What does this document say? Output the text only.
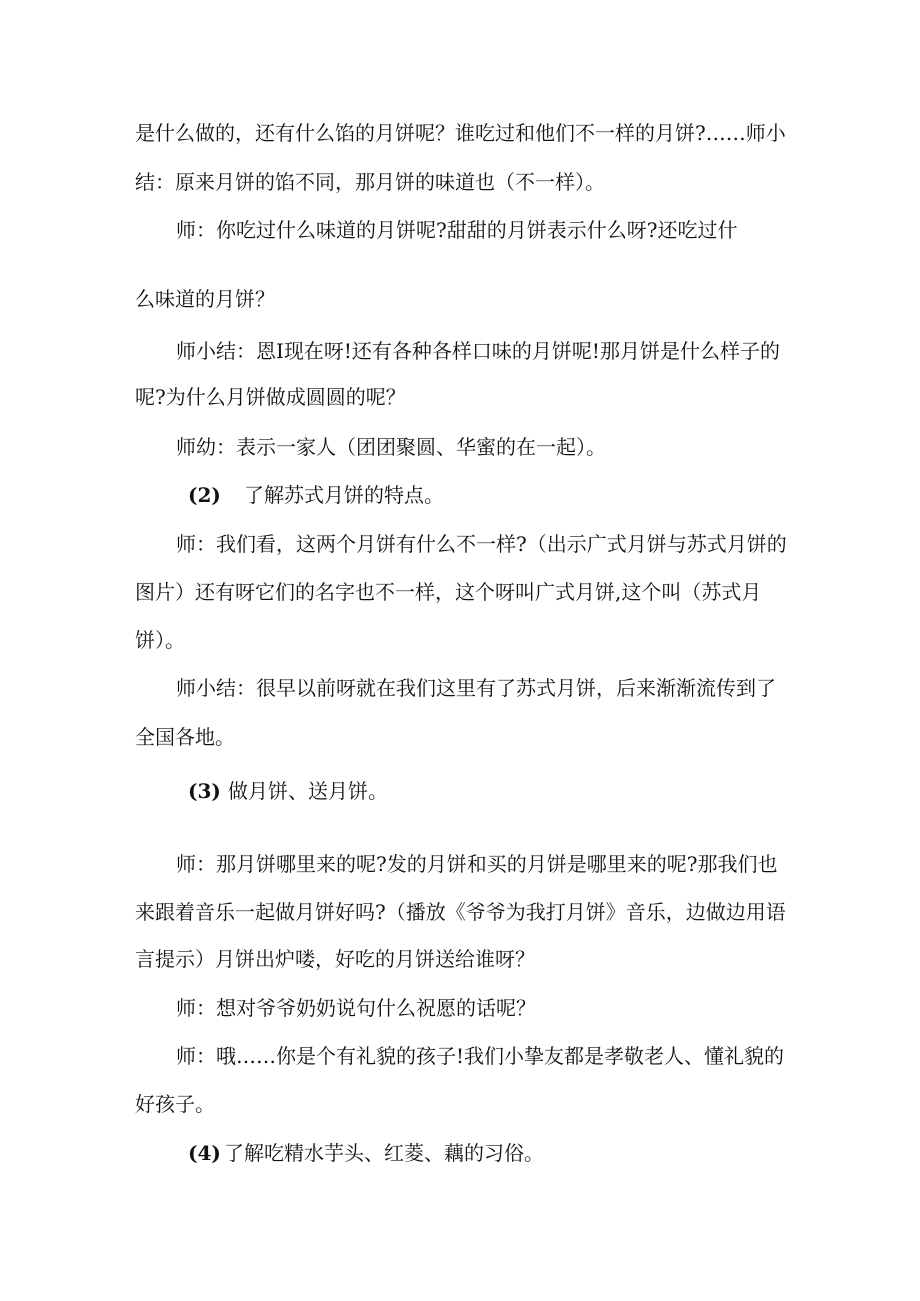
是什么做的，还有什么馅的月饼呢？谁吃过和他们不一样的月饼?……师小
结：原来月饼的馅不同，那月饼的味道也（不一样）。
师：你吃过什么味道的月饼呢?甜甜的月饼表示什么呀?还吃过什
么味道的月饼？
师小结：恩I现在呀!还有各种各样口味的月饼呢!那月饼是什么样子的
呢?为什么月饼做成圆圆的呢？
师幼：表示一家人（团团聚圆、华蜜的在一起）。
(2) 了解苏式月饼的特点。
师：我们看，这两个月饼有什么不一样?（出示广式月饼与苏式月饼的
图片）还有呀它们的名字也不一样，这个呀叫广式月饼,这个叫（苏式月
饼）。
师小结：很早以前呀就在我们这里有了苏式月饼，后来渐渐流传到了
全国各地。
(3) 做月饼、送月饼。
师：那月饼哪里来的呢?发的月饼和买的月饼是哪里来的呢?那我们也
来跟着音乐一起做月饼好吗?（播放《爷爷为我打月饼》音乐，边做边用语
言提示）月饼出炉喽，好吃的月饼送给谁呀？
师：想对爷爷奶奶说句什么祝愿的话呢？
师：哦……你是个有礼貌的孩子!我们小挚友都是孝敬老人、懂礼貌的
好孩子。
(4) 了解吃精水芋头、红菱、藕的习俗。
